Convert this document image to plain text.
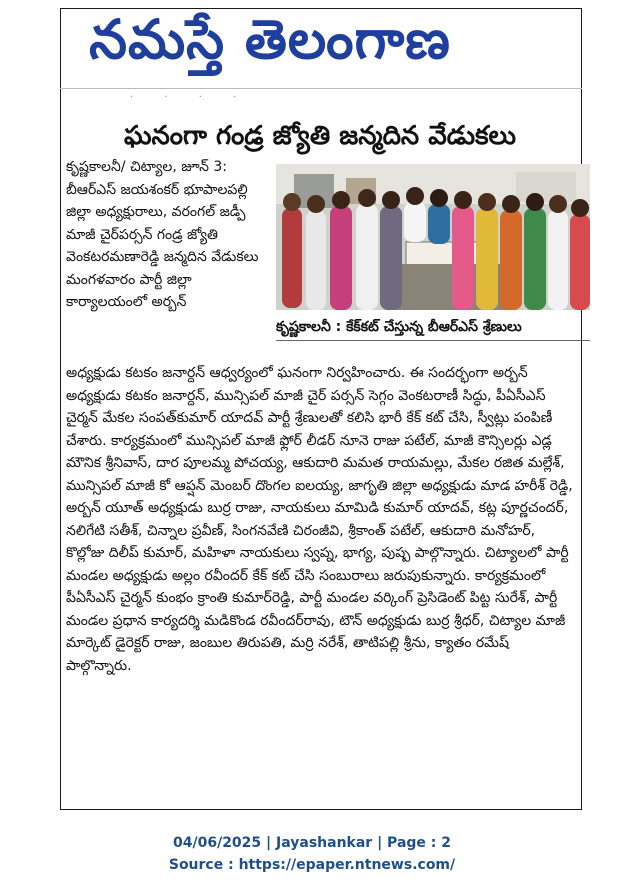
నమస్తే తెలంగాణ
· · · ·
ఘనంగా గండ్ర జ్యోతి జన్మదిన వేడుకలు
కృష్ణకాలనీ/ చిట్యాల, జూన్ 3: బీఆర్ఎస్ జయశంకర్ భూపాలపల్లి జిల్లా అధ్యక్షురాలు, వరంగల్ జడ్పీ మాజీ చైర్‌పర్సన్ గండ్ర జ్యోతి వెంకటరమణారెడ్డి జన్మదిన వేడుకలు మంగళవారం పార్టీ జిల్లా కార్యాలయంలో అర్బన్
కృష్ణకాలనీ : కేక్‌కట్ చేస్తున్న బీఆర్ఎస్ శ్రేణులు
అధ్యక్షుడు కటకం జనార్దన్ ఆధ్వర్యంలో ఘనంగా నిర్వహించారు. ఈ సందర్భంగా అర్బన్ అధ్యక్షుడు కటకం జనార్దన్, మున్సిపల్ మాజీ చైర్ పర్సన్ సెగ్గం వెంకటరాణీ సిద్ధు, పీఏసీఎస్ చైర్మన్ మేకల సంపత్‌కుమార్ యాదవ్ పార్టీ శ్రేణులతో కలిసి భారీ కేక్ కట్ చేసి, స్వీట్లు పంపిణీ చేశారు. కార్యక్రమంలో మున్సిపల్ మాజీ ఫ్లోర్ లీడర్ నూనె రాజు పటేల్, మాజీ కౌన్సిలర్లు ఎడ్ల మౌనిక శ్రీనివాస్, దార పూలమ్మ పోచయ్య, ఆకుదారి మమత రాయమల్లు, మేకల రజిత మల్లేశ్, మున్సిపల్ మాజీ కో ఆప్షన్ మెంబర్ దొంగల ఐలయ్య, జాగృతి జిల్లా అధ్యక్షుడు మాడ హరీశ్ రెడ్డి, అర్బన్ యూత్ అధ్యక్షుడు బుర్ర రాజు, నాయకులు మామిడి కుమార్ యాదవ్, కట్ల పూర్ణచందర్, నలిగేటి సతీశ్, చిన్నాల ప్రవీణ్, సింగనవేణి చిరంజీవి, శ్రీకాంత్ పటేల్, ఆకుదారి మనోహర్, కొల్లోజు దిలీప్ కుమార్, మహిళా నాయకులు స్వప్న, భాగ్య, పుష్ప పాల్గొన్నారు. చిట్యాలలో పార్టీ మండల అధ్యక్షుడు అల్లం రవీందర్ కేక్ కట్ చేసి సంబురాలు జరుపుకున్నారు. కార్యక్రమంలో పీఏసీఎస్ చైర్మన్ కుంభం క్రాంతి కుమార్‌రెడ్డి, పార్టీ మండల వర్కింగ్ ప్రెసిడెంట్ పిట్ట సురేశ్, పార్టీ మండల ప్రధాన కార్యదర్శి మడికొండ రవీందర్‌రావు, టౌన్ అధ్యక్షుడు బుర్ర శ్రీధర్, చిట్యాల మాజీ మార్కెట్ డైరెక్టర్ రాజు, జంబుల తిరుపతి, మర్రి నరేశ్, తాటిపల్లి శ్రీను, క్యాతం రమేష్ పాల్గొన్నారు.
04/06/2025 | Jayashankar | Page : 2
Source : https://epaper.ntnews.com/
